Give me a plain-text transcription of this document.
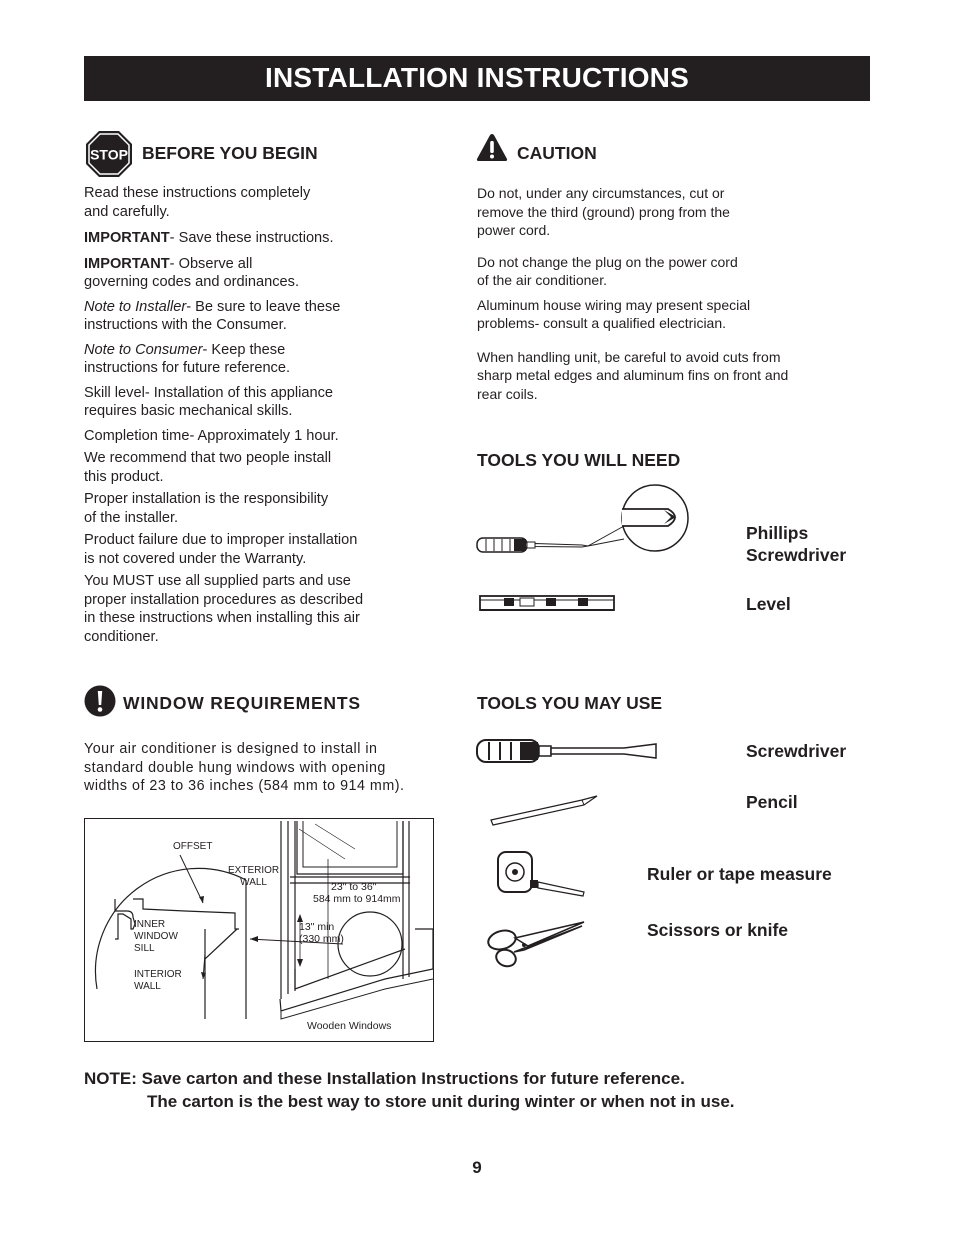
INSTALLATION INSTRUCTIONS
STOP BEFORE YOU BEGIN
Read these instructions completely
and carefully.
IMPORTANT- Save these instructions.
IMPORTANT- Observe all
governing codes and ordinances.
Note to Installer- Be sure to leave these
instructions with the Consumer.
Note to Consumer- Keep these
instructions for future reference.
Skill level- Installation of this appliance
requires basic mechanical skills.
Completion time- Approximately 1 hour.
We recommend that two people install
this product.
Proper installation is the responsibility
of the installer.
Product failure due to improper installation
is not covered under the Warranty.
You MUST use all supplied parts and use
proper installation procedures as described
in these instructions when installing this air
conditioner.
CAUTION
Do not, under any circumstances, cut or
remove the third (ground) prong from the
power cord.
Do not change the plug on the power cord
of the air conditioner.
Aluminum house wiring may present special
problems- consult a qualified electrician.
When handling unit, be careful to avoid cuts from
sharp metal edges and aluminum fins on front and
rear coils.
TOOLS YOU WILL NEED
Phillips
Screwdriver
Level
WINDOW REQUIREMENTS
Your air conditioner is designed to install in
standard double hung windows with opening
widths of 23 to 36 inches (584 mm to 914 mm).
OFFSET
EXTERIOR
WALL
INNER
WINDOW
SILL
INTERIOR
WALL
23" to 36"
584 mm to 914mm
13" min
(330 mm)
Wooden Windows
TOOLS YOU MAY USE
Screwdriver
Pencil
Ruler or tape measure
Scissors or knife
NOTE: Save carton and these Installation Instructions for future reference.
The carton is the best way to store unit during winter or when not in use.
9
